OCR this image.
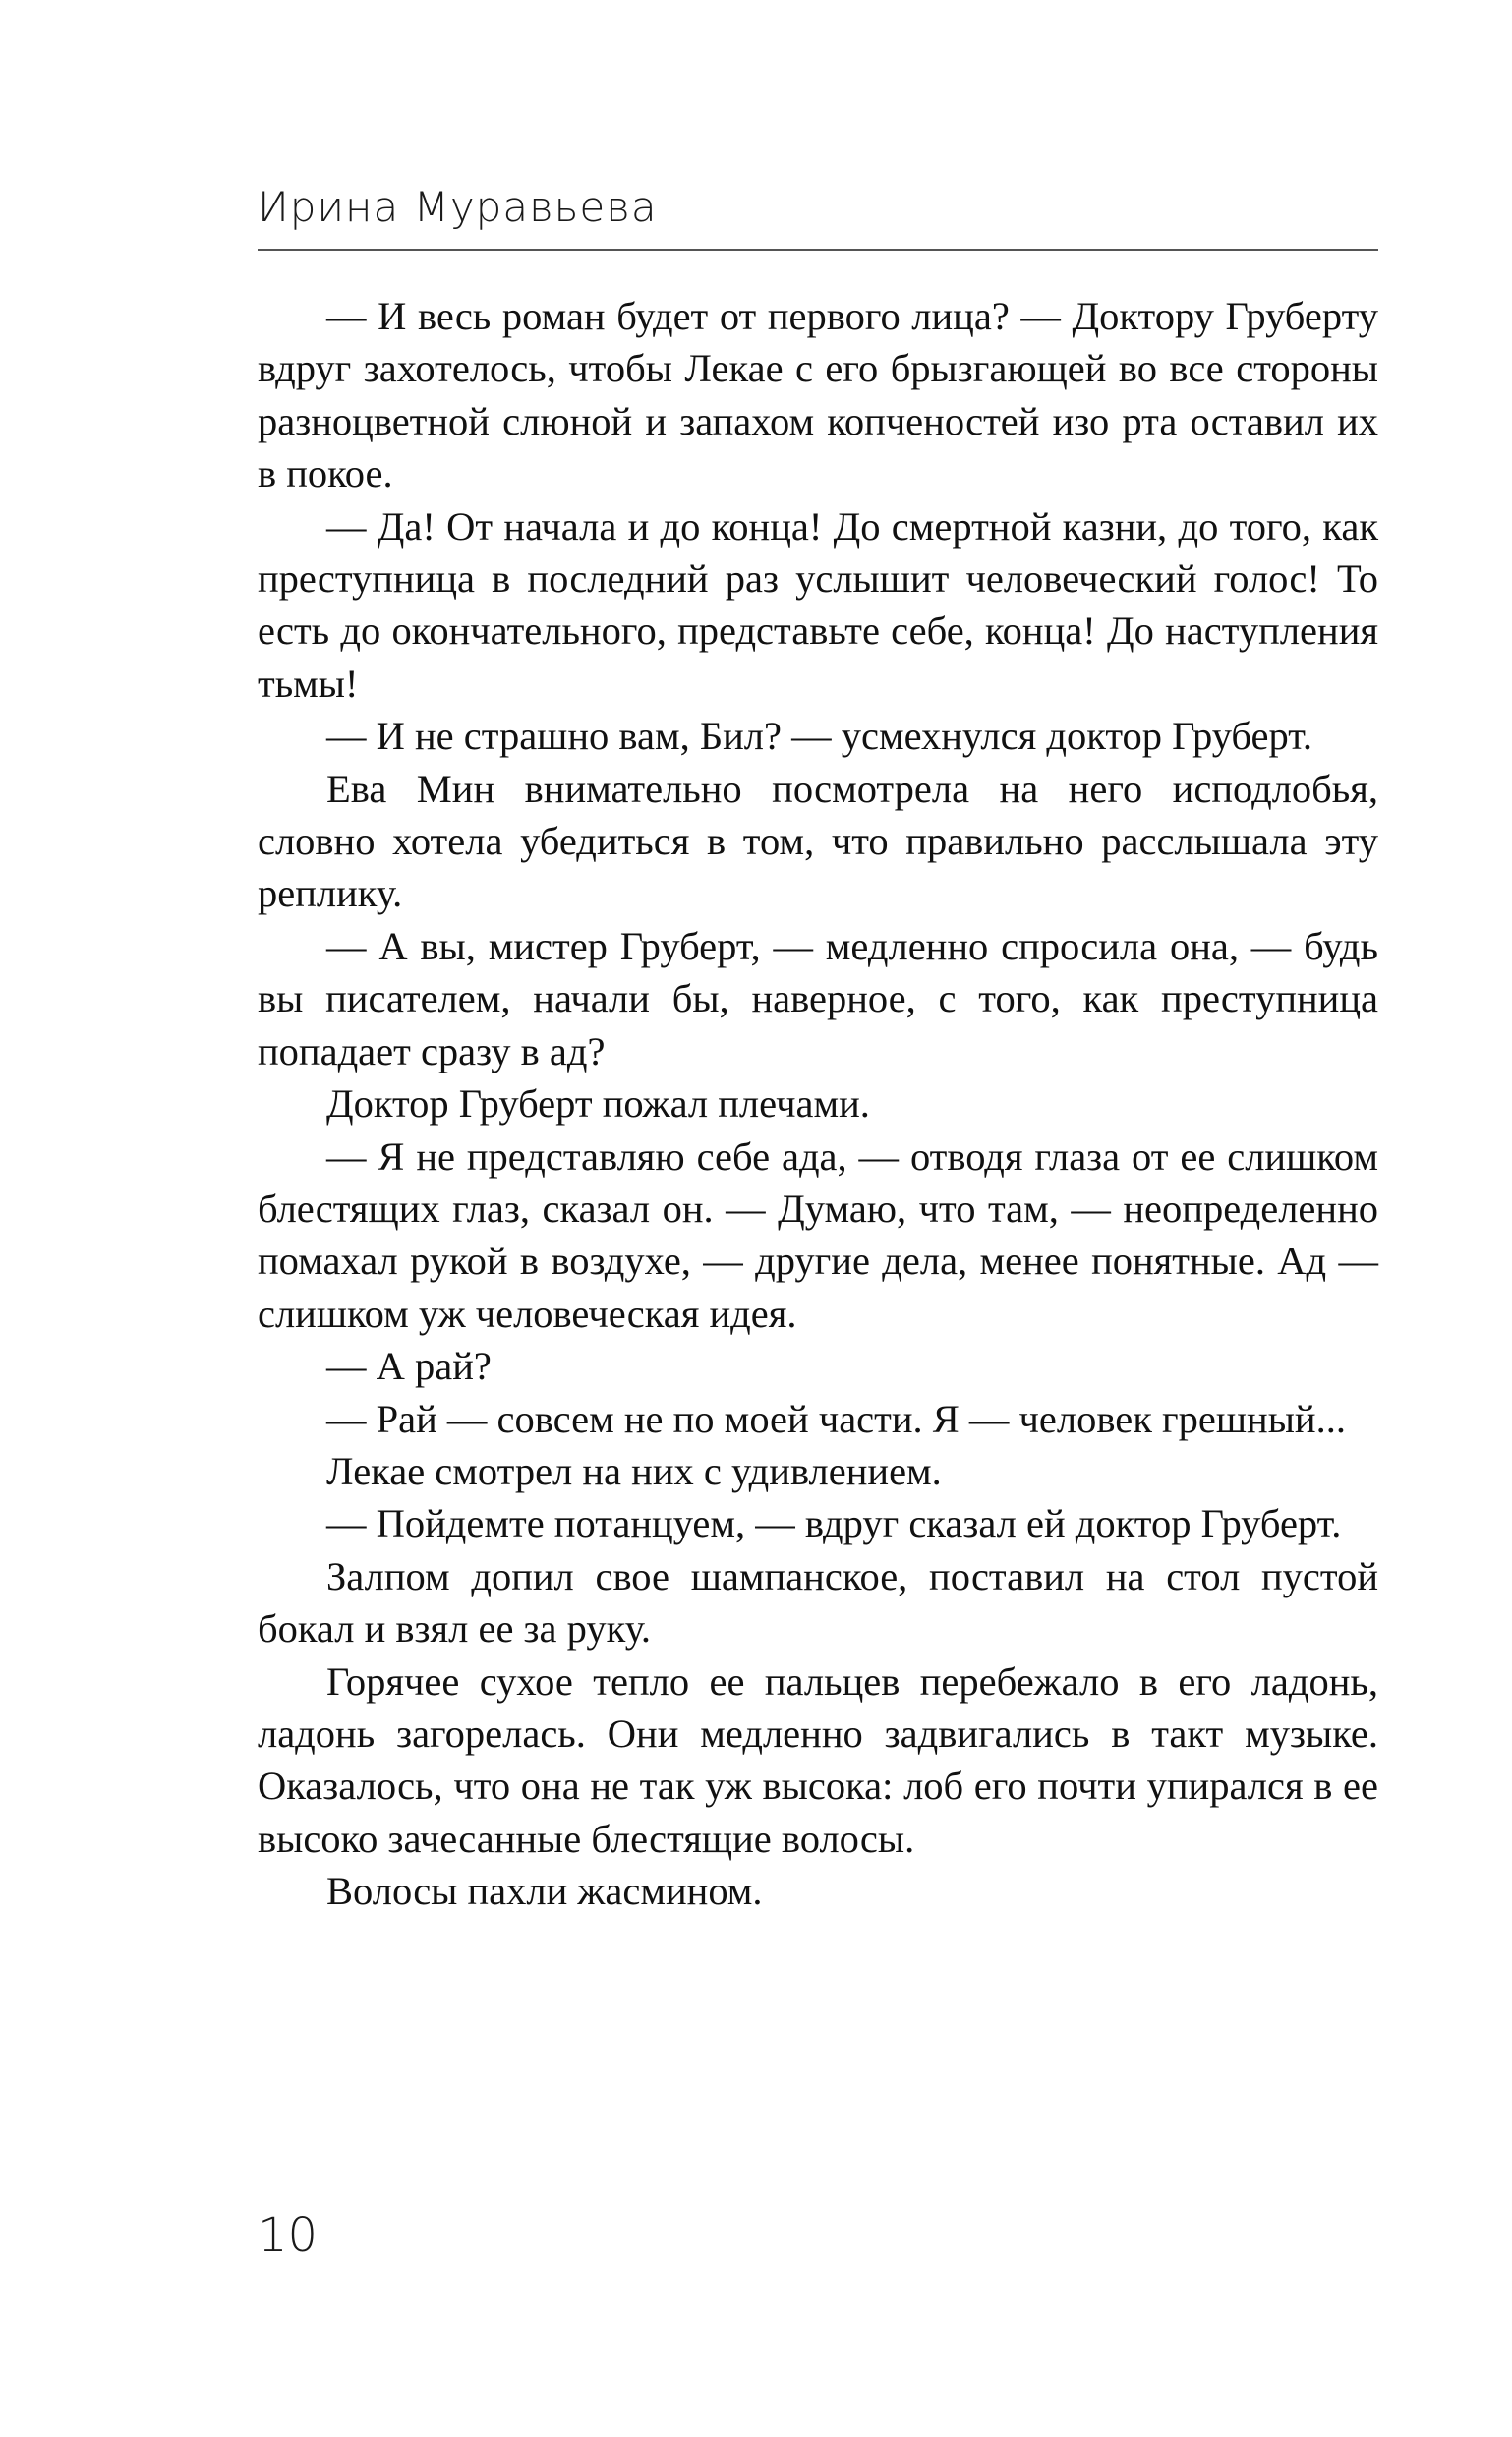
Ирина Муравьева

— И весь роман будет от первого лица? — Доктору Груберту вдруг захотелось, чтобы Лекае с его брызгающей во все стороны разноцветной слюной и запахом копченостей изо рта оставил их в покое.

— Да! От начала и до конца! До смертной казни, до того, как преступница в последний раз услышит человеческий голос! То есть до окончательного, представьте себе, конца! До наступления тьмы!

— И не страшно вам, Бил? — усмехнулся доктор Груберт.

Ева Мин внимательно посмотрела на него исподлобья, словно хотела убедиться в том, что правильно расслышала эту реплику.

— А вы, мистер Груберт, — медленно спросила она, — будь вы писателем, начали бы, наверное, с того, как преступница попадает сразу в ад?

Доктор Груберт пожал плечами.

— Я не представляю себе ада, — отводя глаза от ее слишком блестящих глаз, сказал он. — Думаю, что там, — неопределенно помахал рукой в воздухе, — другие дела, менее понятные. Ад — слишком уж человеческая идея.

— А рай?

— Рай — совсем не по моей части. Я — человек грешный...

Лекае смотрел на них с удивлением.

— Пойдемте потанцуем, — вдруг сказал ей доктор Груберт.

Залпом допил свое шампанское, поставил на стол пустой бокал и взял ее за руку.

Горячее сухое тепло ее пальцев перебежало в его ладонь, ладонь загорелась. Они медленно задвигались в такт музыке. Оказалось, что она не так уж высока: лоб его почти упирался в ее высоко зачесанные блестящие волосы.

Волосы пахли жасмином.

10
